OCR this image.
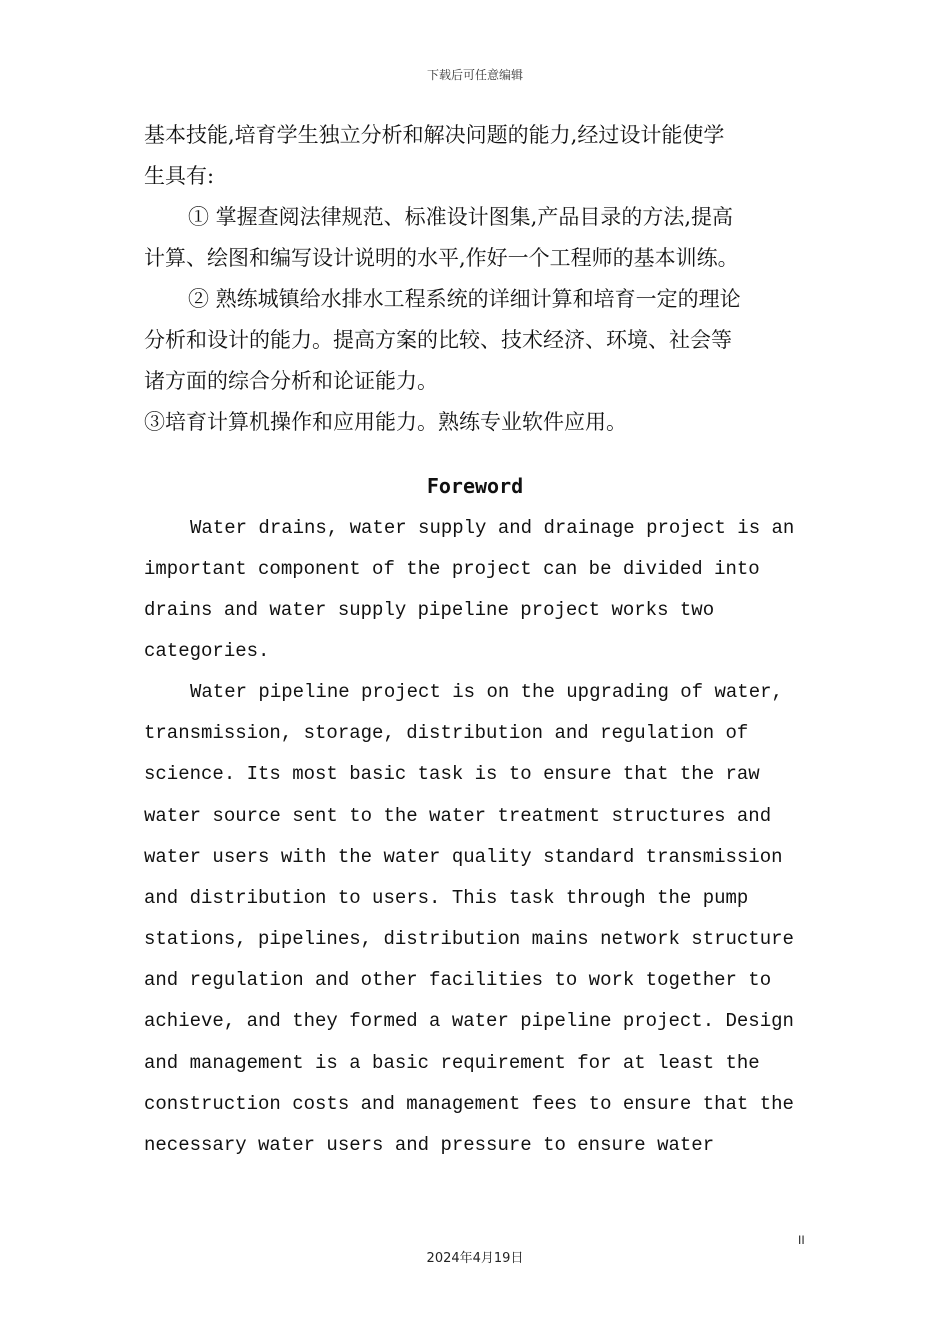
下载后可任意编辑
基本技能,培育学生独立分析和解决问题的能力,经过设计能使学
生具有:
① 掌握查阅法律规范、标准设计图集,产品目录的方法,提高
计算、绘图和编写设计说明的水平,作好一个工程师的基本训练。
② 熟练城镇给水排水工程系统的详细计算和培育一定的理论
分析和设计的能力。提高方案的比较、技术经济、环境、社会等
诸方面的综合分析和论证能力。
③培育计算机操作和应用能力。熟练专业软件应用。
Foreword
Water drains, water supply and drainage project is an
important component of the project can be divided into
drains and water supply pipeline project works two
categories.
Water pipeline project is on the upgrading of water,
transmission, storage, distribution and regulation of
science. Its most basic task is to ensure that the raw
water source sent to the water treatment structures and
water users with the water quality standard transmission
and distribution to users. This task through the pump
stations, pipelines, distribution mains network structure
and regulation and other facilities to work together to
achieve, and they formed a water pipeline project. Design
and management is a basic requirement for at least the
construction costs and management fees to ensure that the
necessary water users and pressure to ensure water
II
2024年4月19日
